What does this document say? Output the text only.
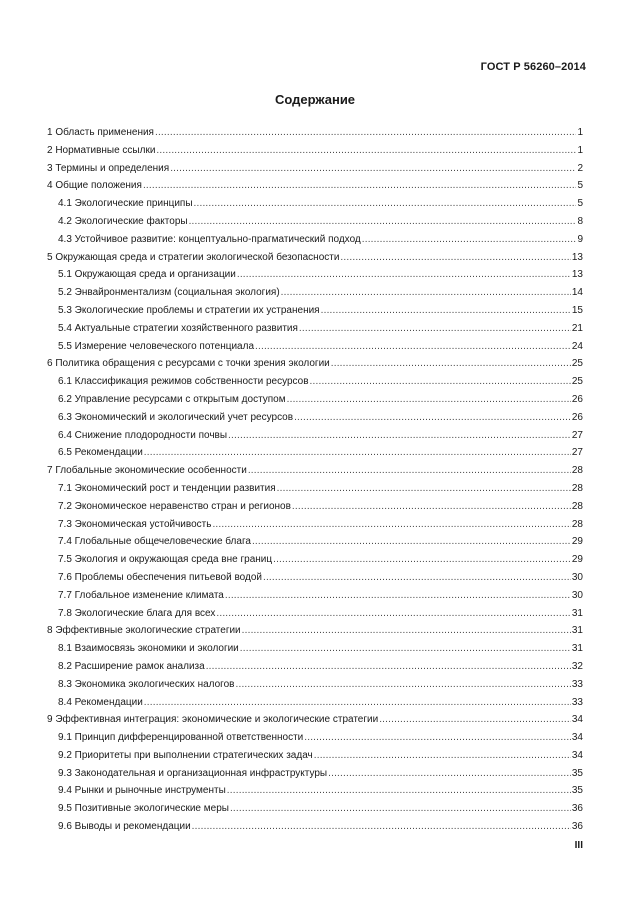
ГОСТ Р 56260–2014
Содержание
1 Область применения .....	1
2 Нормативные ссылки .....	1
3 Термины и определения .....	2
4 Общие положения .....	5
4.1 Экологические принципы .....	5
4.2 Экологические факторы .....	8
4.3 Устойчивое развитие: концептуально-прагматический подход .....	9
5 Окружающая среда и стратегии экологической безопасности .....	13
5.1 Окружающая среда и организации .....	13
5.2 Энвайронментализм (социальная экология) .....	14
5.3 Экологические проблемы и стратегии их устранения .....	15
5.4 Актуальные стратегии хозяйственного развития .....	21
5.5 Измерение человеческого потенциала .....	24
6 Политика обращения с ресурсами с точки зрения экологии .....	25
6.1 Классификация режимов собственности ресурсов .....	25
6.2 Управление ресурсами с открытым доступом .....	26
6.3 Экономический и экологический учет ресурсов .....	26
6.4 Снижение плодородности почвы .....	27
6.5 Рекомендации .....	27
7 Глобальные экономические особенности .....	28
7.1 Экономический рост и тенденции развития .....	28
7.2 Экономическое неравенство стран и регионов .....	28
7.3 Экономическая устойчивость .....	28
7.4 Глобальные общечеловеческие блага .....	29
7.5 Экология и окружающая среда вне границ .....	29
7.6 Проблемы обеспечения питьевой водой .....	30
7.7 Глобальное изменение климата .....	30
7.8 Экологические блага для всех .....	31
8 Эффективные экологические стратегии .....	31
8.1 Взаимосвязь экономики и экологии .....	31
8.2 Расширение рамок анализа .....	32
8.3 Экономика экологических налогов .....	33
8.4 Рекомендации .....	33
9 Эффективная интеграция: экономические и экологические стратегии .....	34
9.1 Принцип дифференцированной ответственности .....	34
9.2 Приоритеты при выполнении стратегических задач .....	34
9.3 Законодательная и организационная инфраструктуры .....	35
9.4 Рынки и рыночные инструменты .....	35
9.5 Позитивные экологические меры .....	36
9.6 Выводы и рекомендации .....	36
III
